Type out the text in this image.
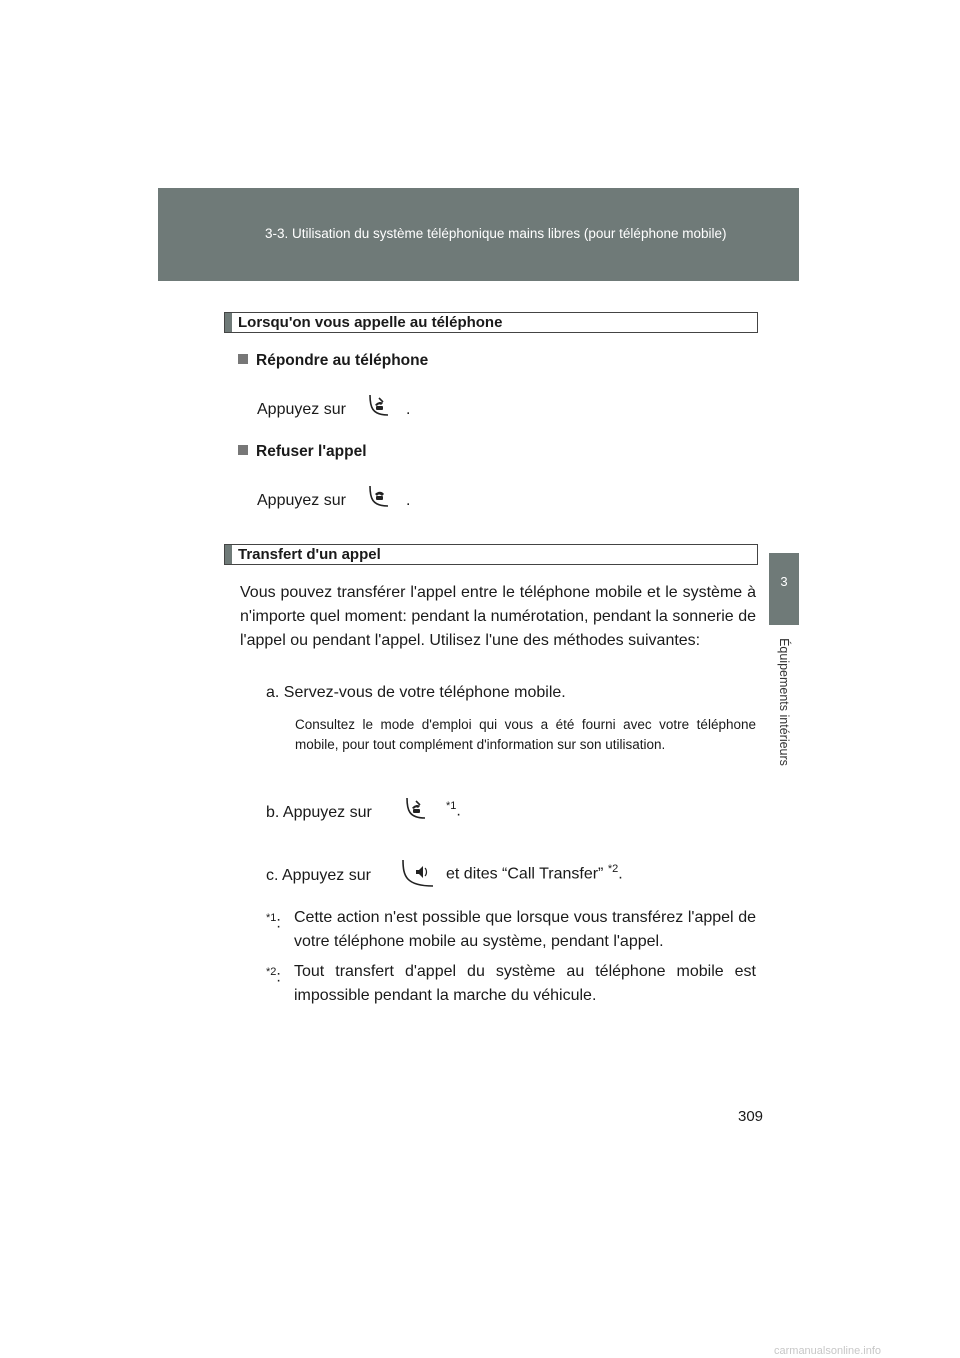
3-3. Utilisation du système téléphonique mains libres (pour téléphone mobile)
3
Équipements intérieurs
Lorsqu'on vous appelle au téléphone
Répondre au téléphone
Appuyez sur	.
Refuser l'appel
Appuyez sur	.
Transfert d'un appel
Vous pouvez transférer l'appel entre le téléphone mobile et le système à n'importe quel moment: pendant la numérotation, pendant la sonnerie de l'appel ou pendant l'appel. Utilisez l'une des méthodes suivantes:
a. Servez-vous de votre téléphone mobile.
Consultez le mode d'emploi qui vous a été fourni avec votre téléphone mobile, pour tout complément d'information sur son utilisation.
b. Appuyez sur	$^{*1}$.
c. Appuyez sur	et dites “Call Transfer” $^{*2}$.
$^{*1}$: Cette action n'est possible que lorsque vous transférez l'appel de votre téléphone mobile au système, pendant l'appel.
$^{*2}$: Tout transfert d'appel du système au téléphone mobile est impossible pendant la marche du véhicule.
309
carmanualsonline.info
